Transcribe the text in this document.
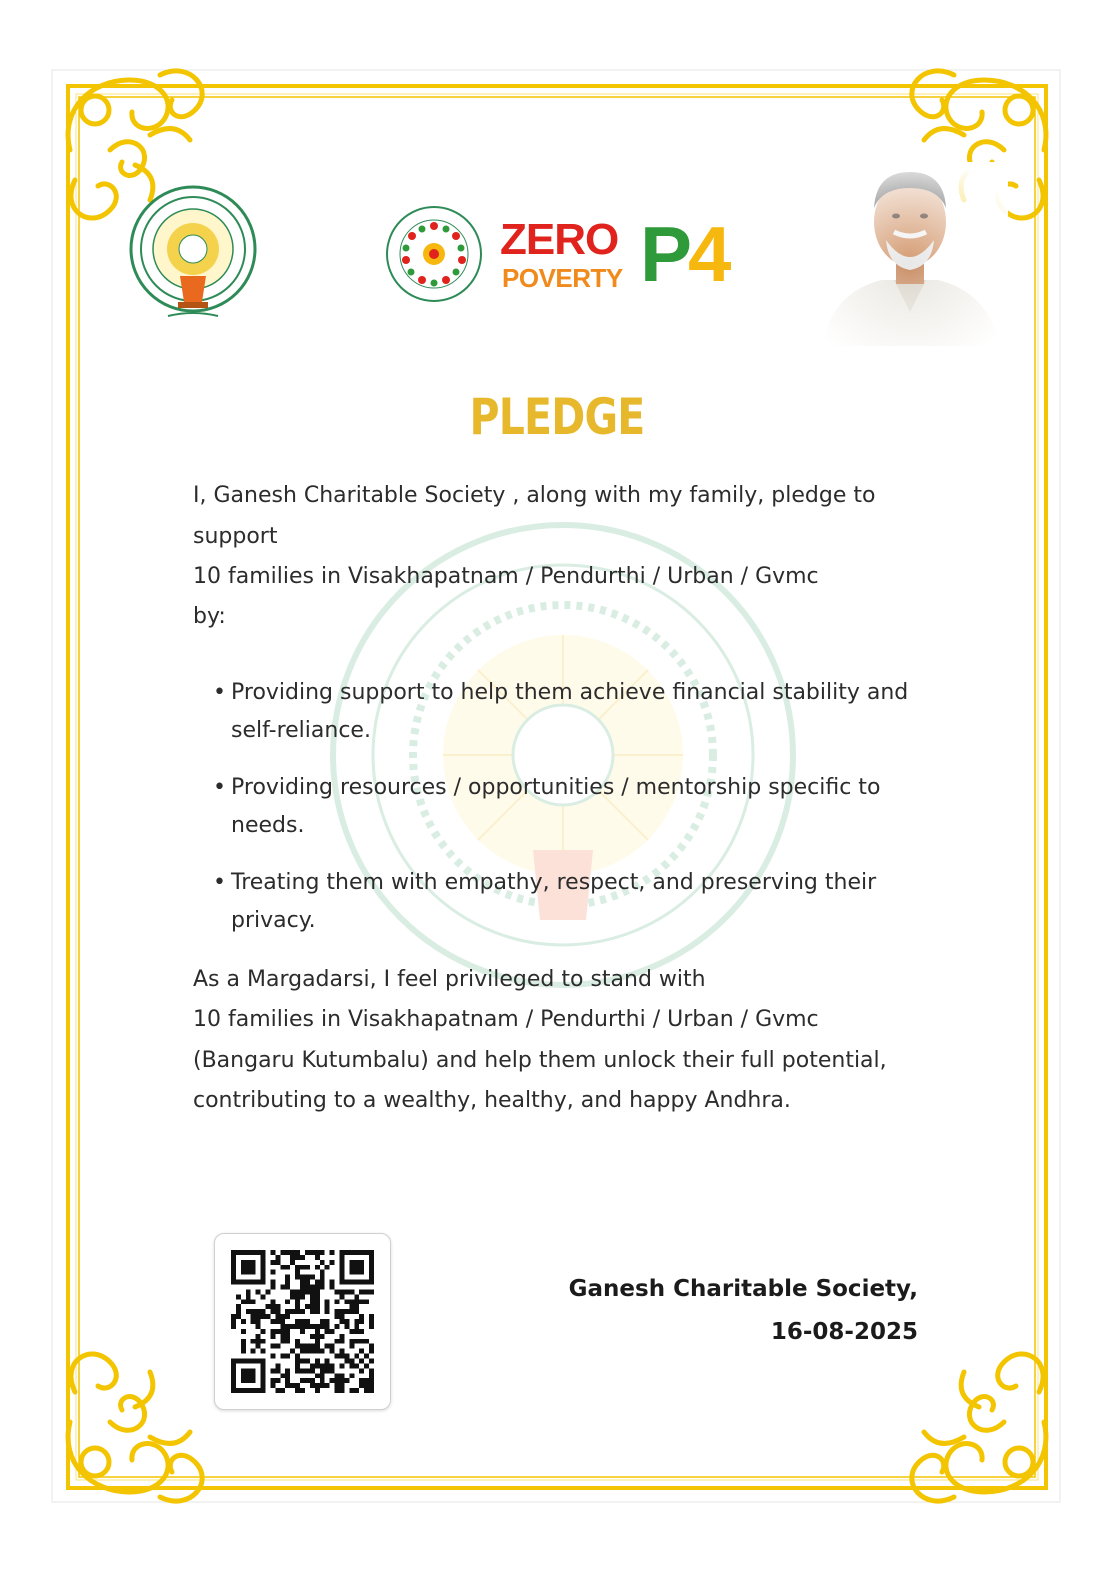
ZERO
POVERTY P4
PLEDGE
I, Ganesh Charitable Society , along with my family, pledge to
support
10 families in Visakhapatnam / Pendurthi / Urban / Gvmc
by:
• Providing support to help them achieve financial stability and
self-reliance.
• Providing resources / opportunities / mentorship specific to
needs.
• Treating them with empathy, respect, and preserving their
privacy.
As a Margadarsi, I feel privileged to stand with
10 families in Visakhapatnam / Pendurthi / Urban / Gvmc
(Bangaru Kutumbalu) and help them unlock their full potential,
contributing to a wealthy, healthy, and happy Andhra.
Ganesh Charitable Society,
16-08-2025
